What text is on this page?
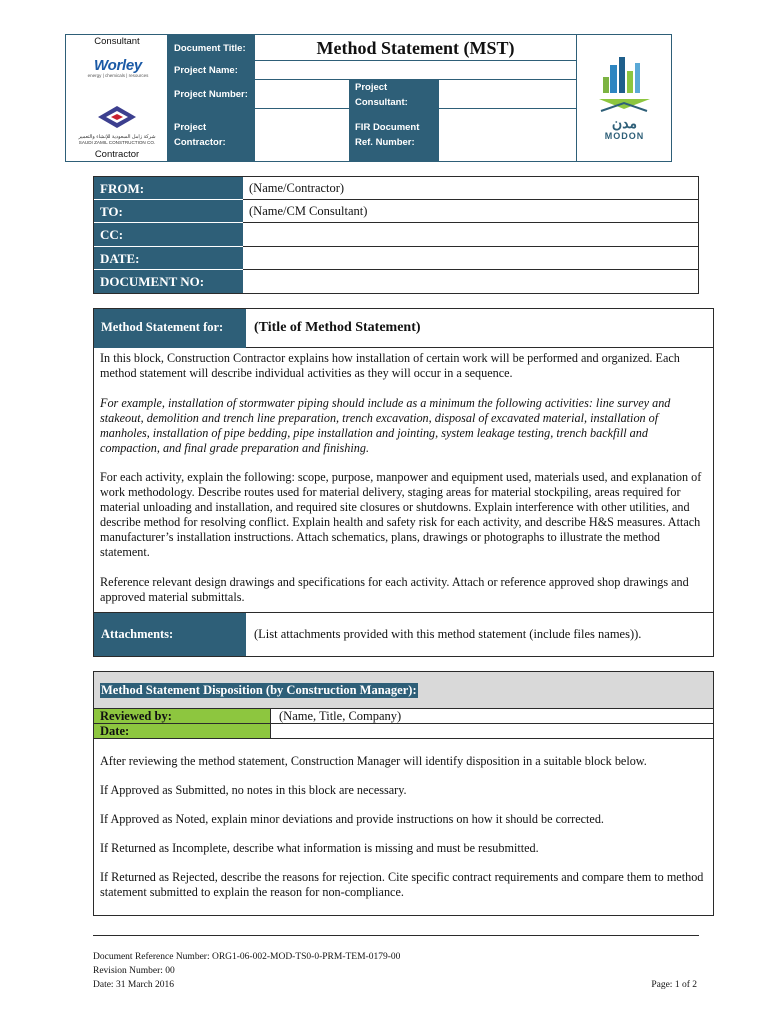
Consultant
Worley
energy | chemicals | resources
شركة زامل السعودية للإنشاء والتعمير
SAUDI ZAMIL CONSTRUCTION CO.
Contractor
Document Title:	Method Statement (MST)
Project Name:
Project Number:
Project Consultant:
Project Contractor:
FIR Document Ref. Number:
مدن
MODON
FROM:	(Name/Contractor)
TO:	(Name/CM Consultant)
CC:
DATE:
DOCUMENT NO:
Method Statement for:	(Title of Method Statement)

In this block, Construction Contractor explains how installation of certain work will be performed and organized. Each method statement will describe individual activities as they will occur in a sequence.

For example, installation of stormwater piping should include as a minimum the following activities: line survey and stakeout, demolition and trench line preparation, trench excavation, disposal of excavated material, installation of manholes, installation of pipe bedding, pipe installation and jointing, system leakage testing, trench backfill and compaction, and final grade preparation and finishing.

For each activity, explain the following: scope, purpose, manpower and equipment used, materials used, and explanation of work methodology. Describe routes used for material delivery, staging areas for material stockpiling, areas required for material unloading and installation, and required site closures or shutdowns. Explain interference with other utilities, and describe method for resolving conflict. Explain health and safety risk for each activity, and describe H&S measures. Attach manufacturer’s installation instructions. Attach schematics, plans, drawings or photographs to illustrate the method statement.

Reference relevant design drawings and specifications for each activity. Attach or reference approved shop drawings and approved material submittals.

Attachments:	(List attachments provided with this method statement (include files names)).
Method Statement Disposition (by Construction Manager):
Reviewed by:	(Name, Title, Company)
Date:

After reviewing the method statement, Construction Manager will identify disposition in a suitable block below.

If Approved as Submitted, no notes in this block are necessary.

If Approved as Noted, explain minor deviations and provide instructions on how it should be corrected.

If Returned as Incomplete, describe what information is missing and must be resubmitted.

If Returned as Rejected, describe the reasons for rejection. Cite specific contract requirements and compare them to method statement submitted to explain the reason for non-compliance.

Document Reference Number: ORG1-06-002-MOD-TS0-0-PRM-TEM-0179-00
Revision Number: 00
Date: 31 March 2016	Page: 1 of 2
